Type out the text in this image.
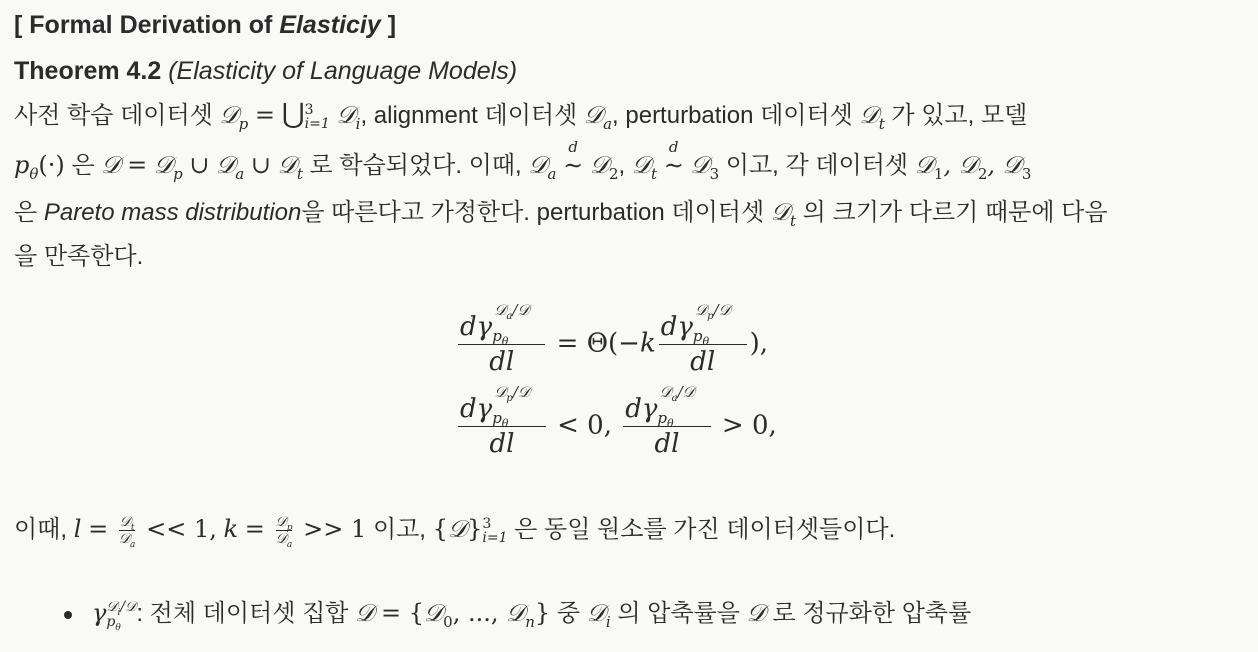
[ Formal Derivation of Elasticiy ]
Theorem 4.2 (Elasticity of Language Models)
사전 학습 데이터셋 𝒟$_p$ = ⋃ 3
i=1 𝒟$_i$, alignment 데이터셋 𝒟$_a$, perturbation 데이터셋 𝒟$_t$ 가 있고, 모델
$p_\theta(\cdot)$ 은 𝒟 = 𝒟$_p$ ∪ 𝒟$_a$ ∪ 𝒟$_t$ 로 학습되었다. 이때, 𝒟$_a$
d
∼ 𝒟$_2$, 𝒟$_t$
d
∼ 𝒟$_3$ 이고, 각 데이터셋 𝒟$_1$, 𝒟$_2$, 𝒟$_3$
은 Pareto mass distribution을 따른다고 가정한다. perturbation 데이터셋 𝒟$_t$ 의 크기가 다르기 때문에 다음
을 만족한다.
$\frac{d\gamma_{p_\theta}^{𝒟_a/𝒟}}{dl} = \Theta(-k \frac{d\gamma_{p_\theta}^{𝒟_p/𝒟}}{dl}$ ),
$\frac{d\gamma_{p_\theta}^{𝒟_p/𝒟}}{dl} < 0$, $\frac{d\gamma_{p_\theta}^{𝒟_a/𝒟}}{dl} > 0$,
이때, $l = \frac{𝒟_t}{𝒟_a} << 1$, $k = \frac{𝒟_p}{𝒟_a} >> 1$ 이고, {𝒟} 3
i=1 은 동일 원소를 가진 데이터셋들이다.
γ 𝒟$_i$/𝒟
$p_\theta$
: 전체 데이터셋 집합 𝒟 = {𝒟$_0$, ..., 𝒟$_n$} 중 𝒟$_i$ 의 압축률을 𝒟 로 정규화한 압축률
